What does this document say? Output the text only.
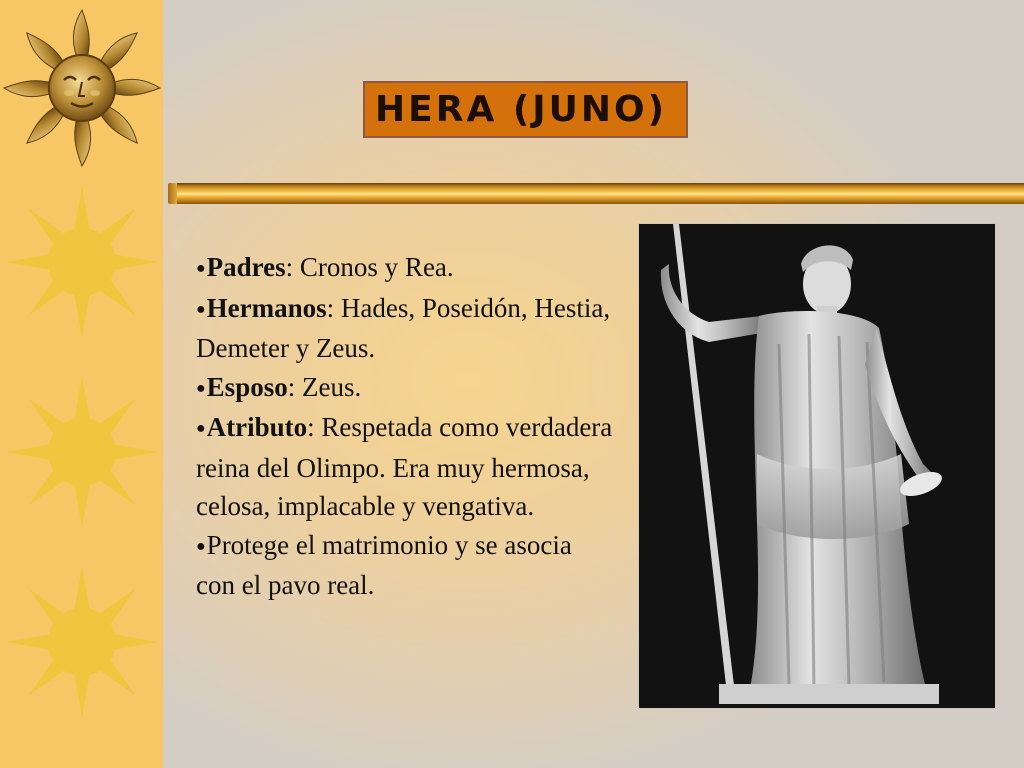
HERA (JUNO)

●Padres: Cronos y Rea.

●Hermanos: Hades, Poseidón, Hestia, Demeter y Zeus.

●Esposo: Zeus.

●Atributo: Respetada como verdadera reina del Olimpo. Era muy hermosa, celosa, implacable y vengativa.

●Protege el matrimonio y se asocia con el pavo real.
